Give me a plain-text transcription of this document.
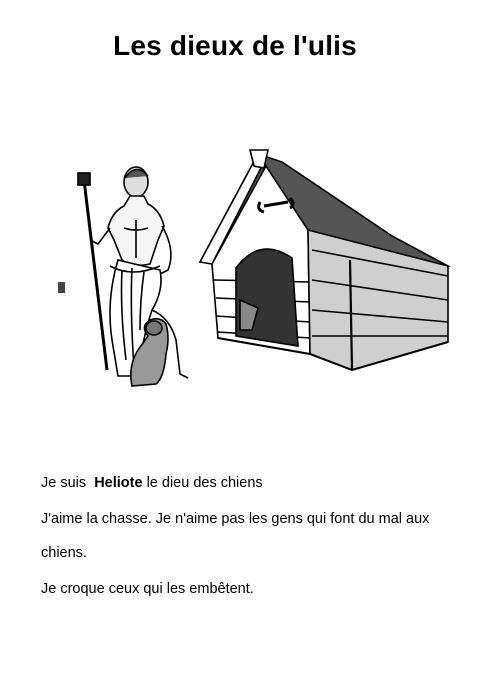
Les dieux de l'ulis
Je suis Heliote le dieu des chiens
J'aime la chasse. Je n'aime pas les gens qui font du mal aux
chiens.
Je croque ceux qui les embêtent.
